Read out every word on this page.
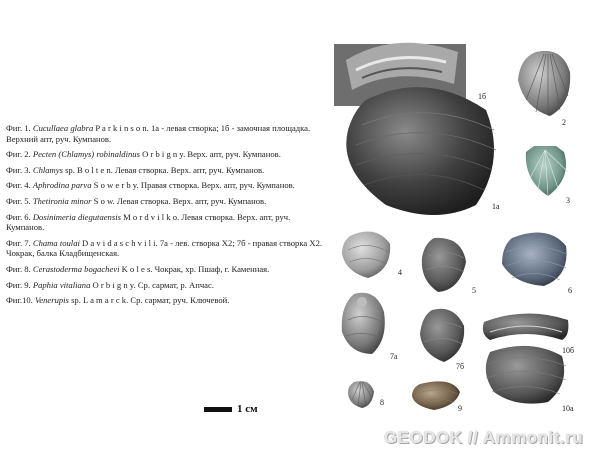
Фиг. 1. Cucullaea glabra P a r k i n s o n. 1а - левая створка; 1б - замочная площадка. Верхний апт, руч. Кумпанов.

Фиг. 2. Pecten (Chlamys) robinaldinus O r b i g n y. Верх. апт, руч. Кумпанов.

Фиг. 3. Chlamys sp. B o l t e n. Левая створка. Верх. апт, руч. Кумпанов.

Фиг. 4. Aphrodina parva S o w e r b y. Правая створка. Верх. апт, руч. Кумпанов.

Фиг. 5. Thetironia minor S o w. Левая створка. Верх. апт, руч. Кумпанов.

Фиг. 6. Dosinimeria diegutaensis M o r d v i l k o. Левая створка. Верх. апт, руч. Кумпанов.

Фиг. 7. Chama toulai D a v i d a s c h v i l i. 7а - лев. створка X2; 7б - правая створка X2. Чокрак, балка Кладбищенская.

Фиг. 8. Cerastoderma bogachevi K o l e s. Чокрак, хр. Пшаф, г. Каменная.

Фиг. 9. Paphia vitaliana O r b i g n y. Ср. сармат, р. Апчас.

Фиг.10. Venerupis sp. L a m a r c k. Ср. сармат, руч. Ключевой.

1 см
1б
1а
2
3
4
5	6
7а
7б
10б
8
9	10а
GEODOK // Ammonit.ru
